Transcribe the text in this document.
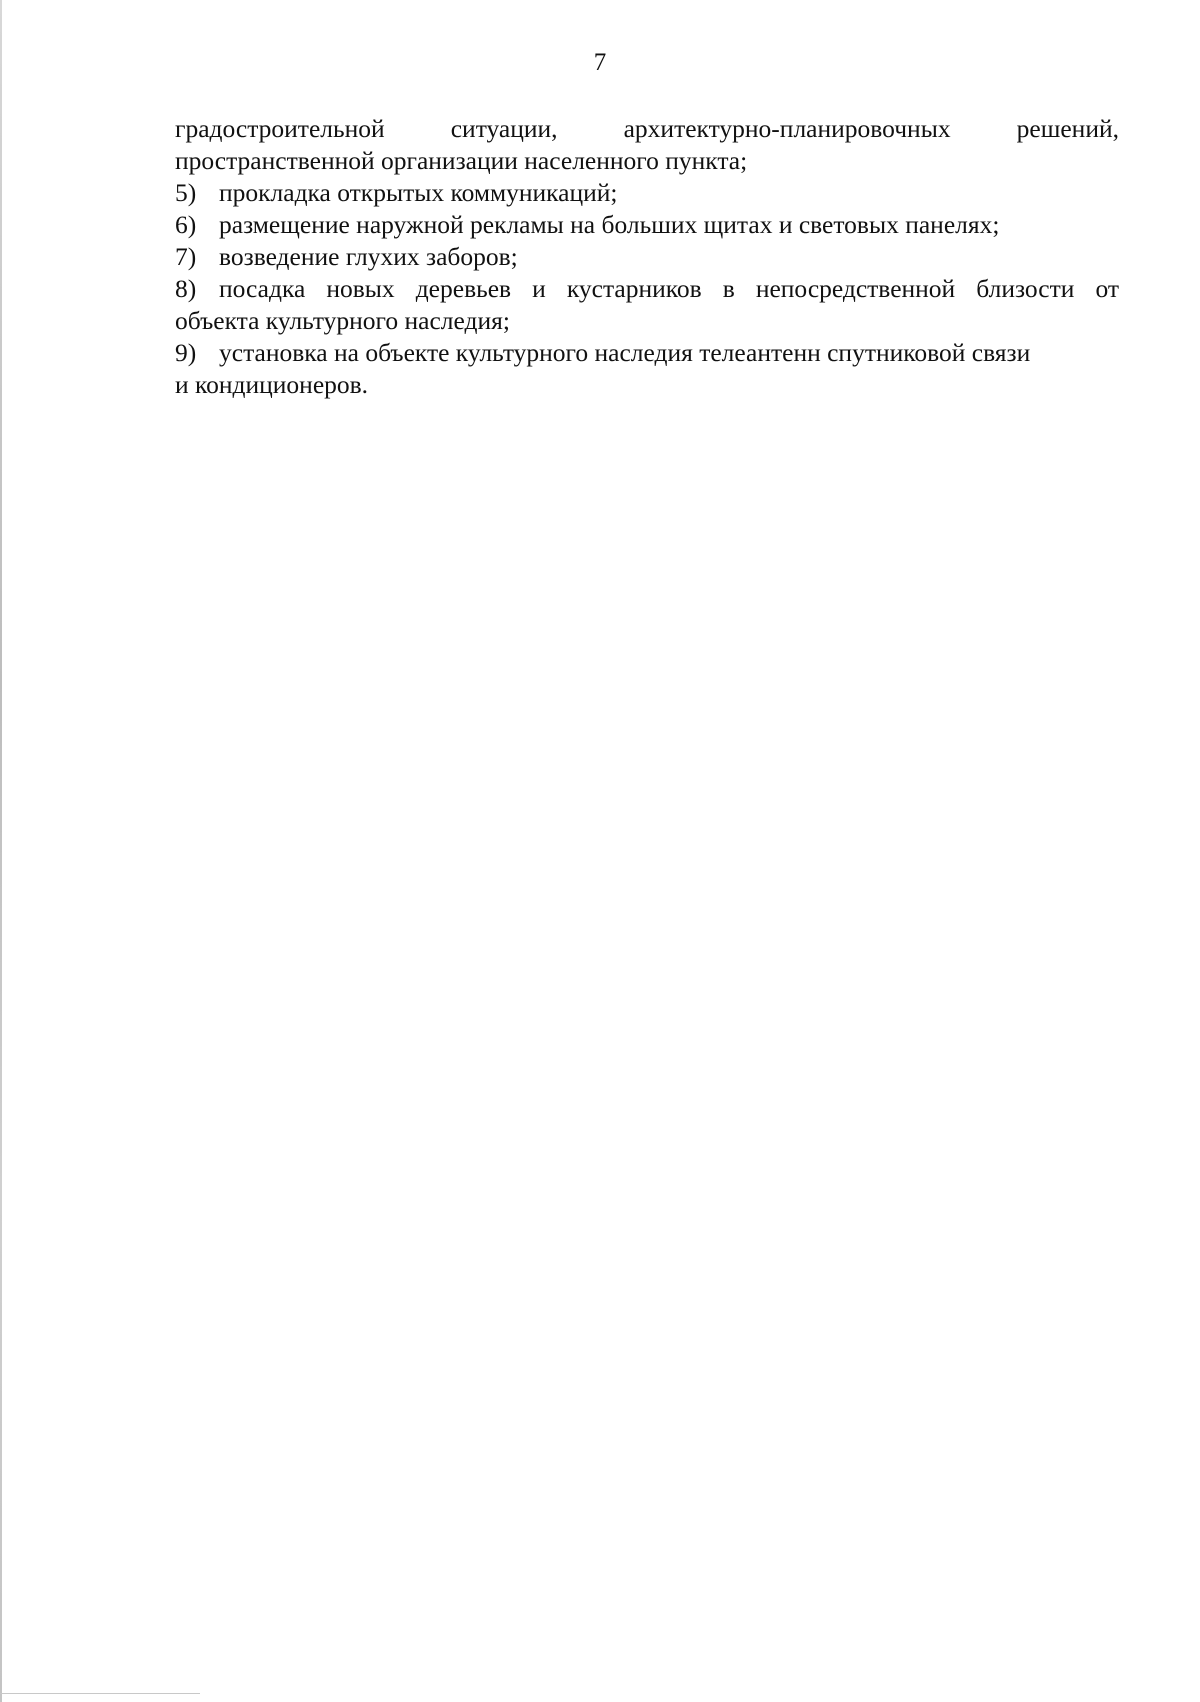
7
градостроительной ситуации, архитектурно-планировочных решений,
пространственной организации населенного пункта;
5) прокладка открытых коммуникаций;
6) размещение наружной рекламы на больших щитах и световых панелях;
7) возведение глухих заборов;
8) посадка новых деревьев и кустарников в непосредственной близости от
объекта культурного наследия;
9) установка на объекте культурного наследия телеантенн спутниковой связи
и кондиционеров.
